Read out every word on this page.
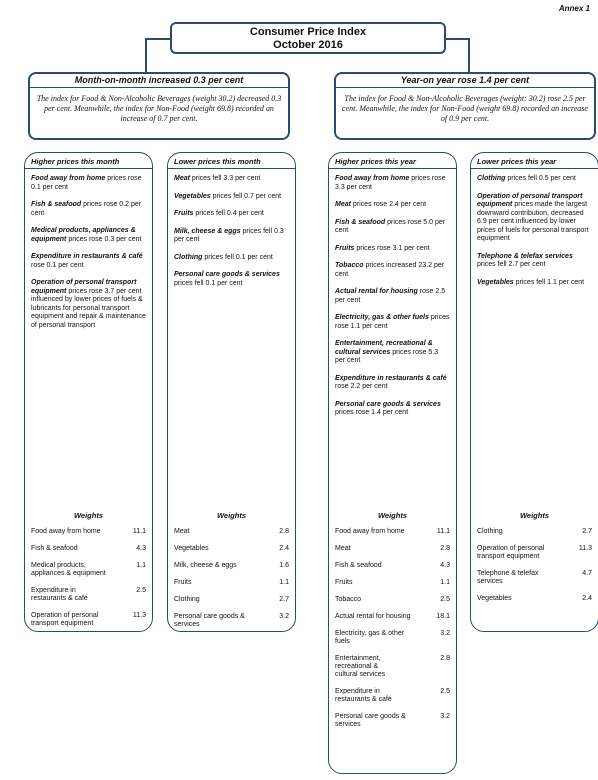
Annex 1
Consumer Price Index
October 2016
Month-on-month increased 0.3 per cent
The index for Food & Non-Alcoholic Beverages (weight 30.2) decreased 0.3 per cent. Meanwhile, the index for Non-Food (weight 69.8) recorded an increase of 0.7 per cent.
Year-on year rose 1.4 per cent
The index for Food & Non-Alcoholic Beverages (weight: 30.2) rose 2.5 per cent. Meanwhile, the index for Non-Food (weight 69.8) recorded an increase of 0.9 per cent.
Higher prices this month
Food away from home prices rose 0.1 per cent
Fish & seafood prices rose 0.2 per cent
Medical products, appliances & equipment prices rose 0.3 per cent
Expenditure in restaurants & café rose 0.1 per cent
Operation of personal transport equipment prices rose 3.7 per cent influenced by lower prices of fuels & lubricants for personal transport equipment and repair & maintenance of personal transport
Weights
Food away from home	11.1
Fish & seafood	4.3
Medical products, appliances & equipment
1.1
Expenditure in restaurants & café
2.5
Operation of personal transport equipment
11.3
Lower prices this month
Meat prices fell 3.3 per cent
Vegetables prices fell 0.7 per cent
Fruits prices fell 0.4 per cent
Milk, cheese & eggs prices fell 0.3 per cent
Clothing prices fell 0.1 per cent
Personal care goods & services prices fell 0.1 per cent
Weights
Meat	2.8
Vegetables	2.4
Milk, cheese & eggs	1.6
Fruits	1.1
Clothing	2.7
Personal care goods & services
3.2
Higher prices this year
Food away from home prices rose 3.3 per cent
Meat prices rose 2.4 per cent
Fish & seafood prices rose 5.0 per cent
Fruits prices rose 3.1 per cent
Tobacco prices increased 23.2 per cent
Actual rental for housing rose 2.5 per cent
Electricity, gas & other fuels prices rose 1.1 per cent
Entertainment, recreational & cultural services prices rose 5.3 per cent
Expenditure in restaurants & café rose 2.2 per cent
Personal care goods & services prices rose 1.4 per cent
Weights
Food away from home	11.1
Meat	2.8
Fish & seafood	4.3
Fruits	1.1
Tobacco	2.5
Actual rental for housing	18.1
Electricity, gas & other fuels
3.2
Entertainment, recreational & cultural services
2.8
Expenditure in restaurants & café
2.5
Personal care goods & services
3.2
Lower prices this year
Clothing prices fell 0.5 per cent
Operation of personal transport equipment prices made the largest downward contribution, decreased 6.9 per cent influenced by lower prices of fuels for personal transport equipment
Telephone & telefax services prices fell 2.7 per cent
Vegetables prices fell 1.1 per cent
Weights
Clothing	2.7
Operation of personal transport equipment
11.3
Telephone & telefax services
4.7
Vegetables	2.4
